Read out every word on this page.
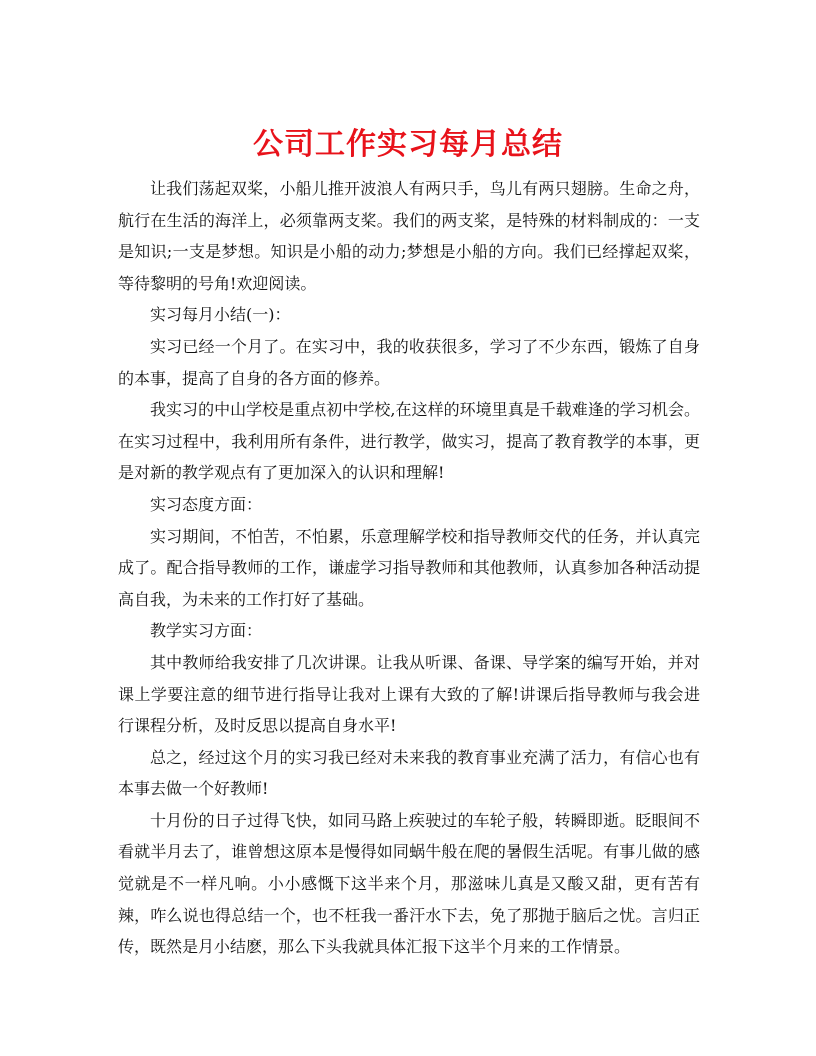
公司工作实习每月总结

让我们荡起双桨，小船儿推开波浪人有两只手，鸟儿有两只翅膀。生命之舟，航行在生活的海洋上，必须靠两支桨。我们的两支桨，是特殊的材料制成的：一支是知识;一支是梦想。知识是小船的动力;梦想是小船的方向。我们已经撑起双桨，等待黎明的号角!欢迎阅读。

实习每月小结(一)：

实习已经一个月了。在实习中，我的收获很多，学习了不少东西，锻炼了自身的本事，提高了自身的各方面的修养。

我实习的中山学校是重点初中学校,在这样的环境里真是千载难逢的学习机会。在实习过程中，我利用所有条件，进行教学，做实习，提高了教育教学的本事，更是对新的教学观点有了更加深入的认识和理解!

实习态度方面：

实习期间，不怕苦，不怕累，乐意理解学校和指导教师交代的任务，并认真完成了。配合指导教师的工作，谦虚学习指导教师和其他教师，认真参加各种活动提高自我，为未来的工作打好了基础。

教学实习方面：

其中教师给我安排了几次讲课。让我从听课、备课、导学案的编写开始，并对课上学要注意的细节进行指导让我对上课有大致的了解!讲课后指导教师与我会进行课程分析，及时反思以提高自身水平!

总之，经过这个月的实习我已经对未来我的教育事业充满了活力，有信心也有本事去做一个好教师!

十月份的日子过得飞快，如同马路上疾驶过的车轮子般，转瞬即逝。眨眼间不看就半月去了，谁曾想这原本是慢得如同蜗牛般在爬的暑假生活呢。有事儿做的感觉就是不一样凡响。小小感慨下这半来个月，那滋味儿真是又酸又甜，更有苦有辣，咋么说也得总结一个，也不枉我一番汗水下去，免了那抛于脑后之忧。言归正传，既然是月小结麽，那么下头我就具体汇报下这半个月来的工作情景。
